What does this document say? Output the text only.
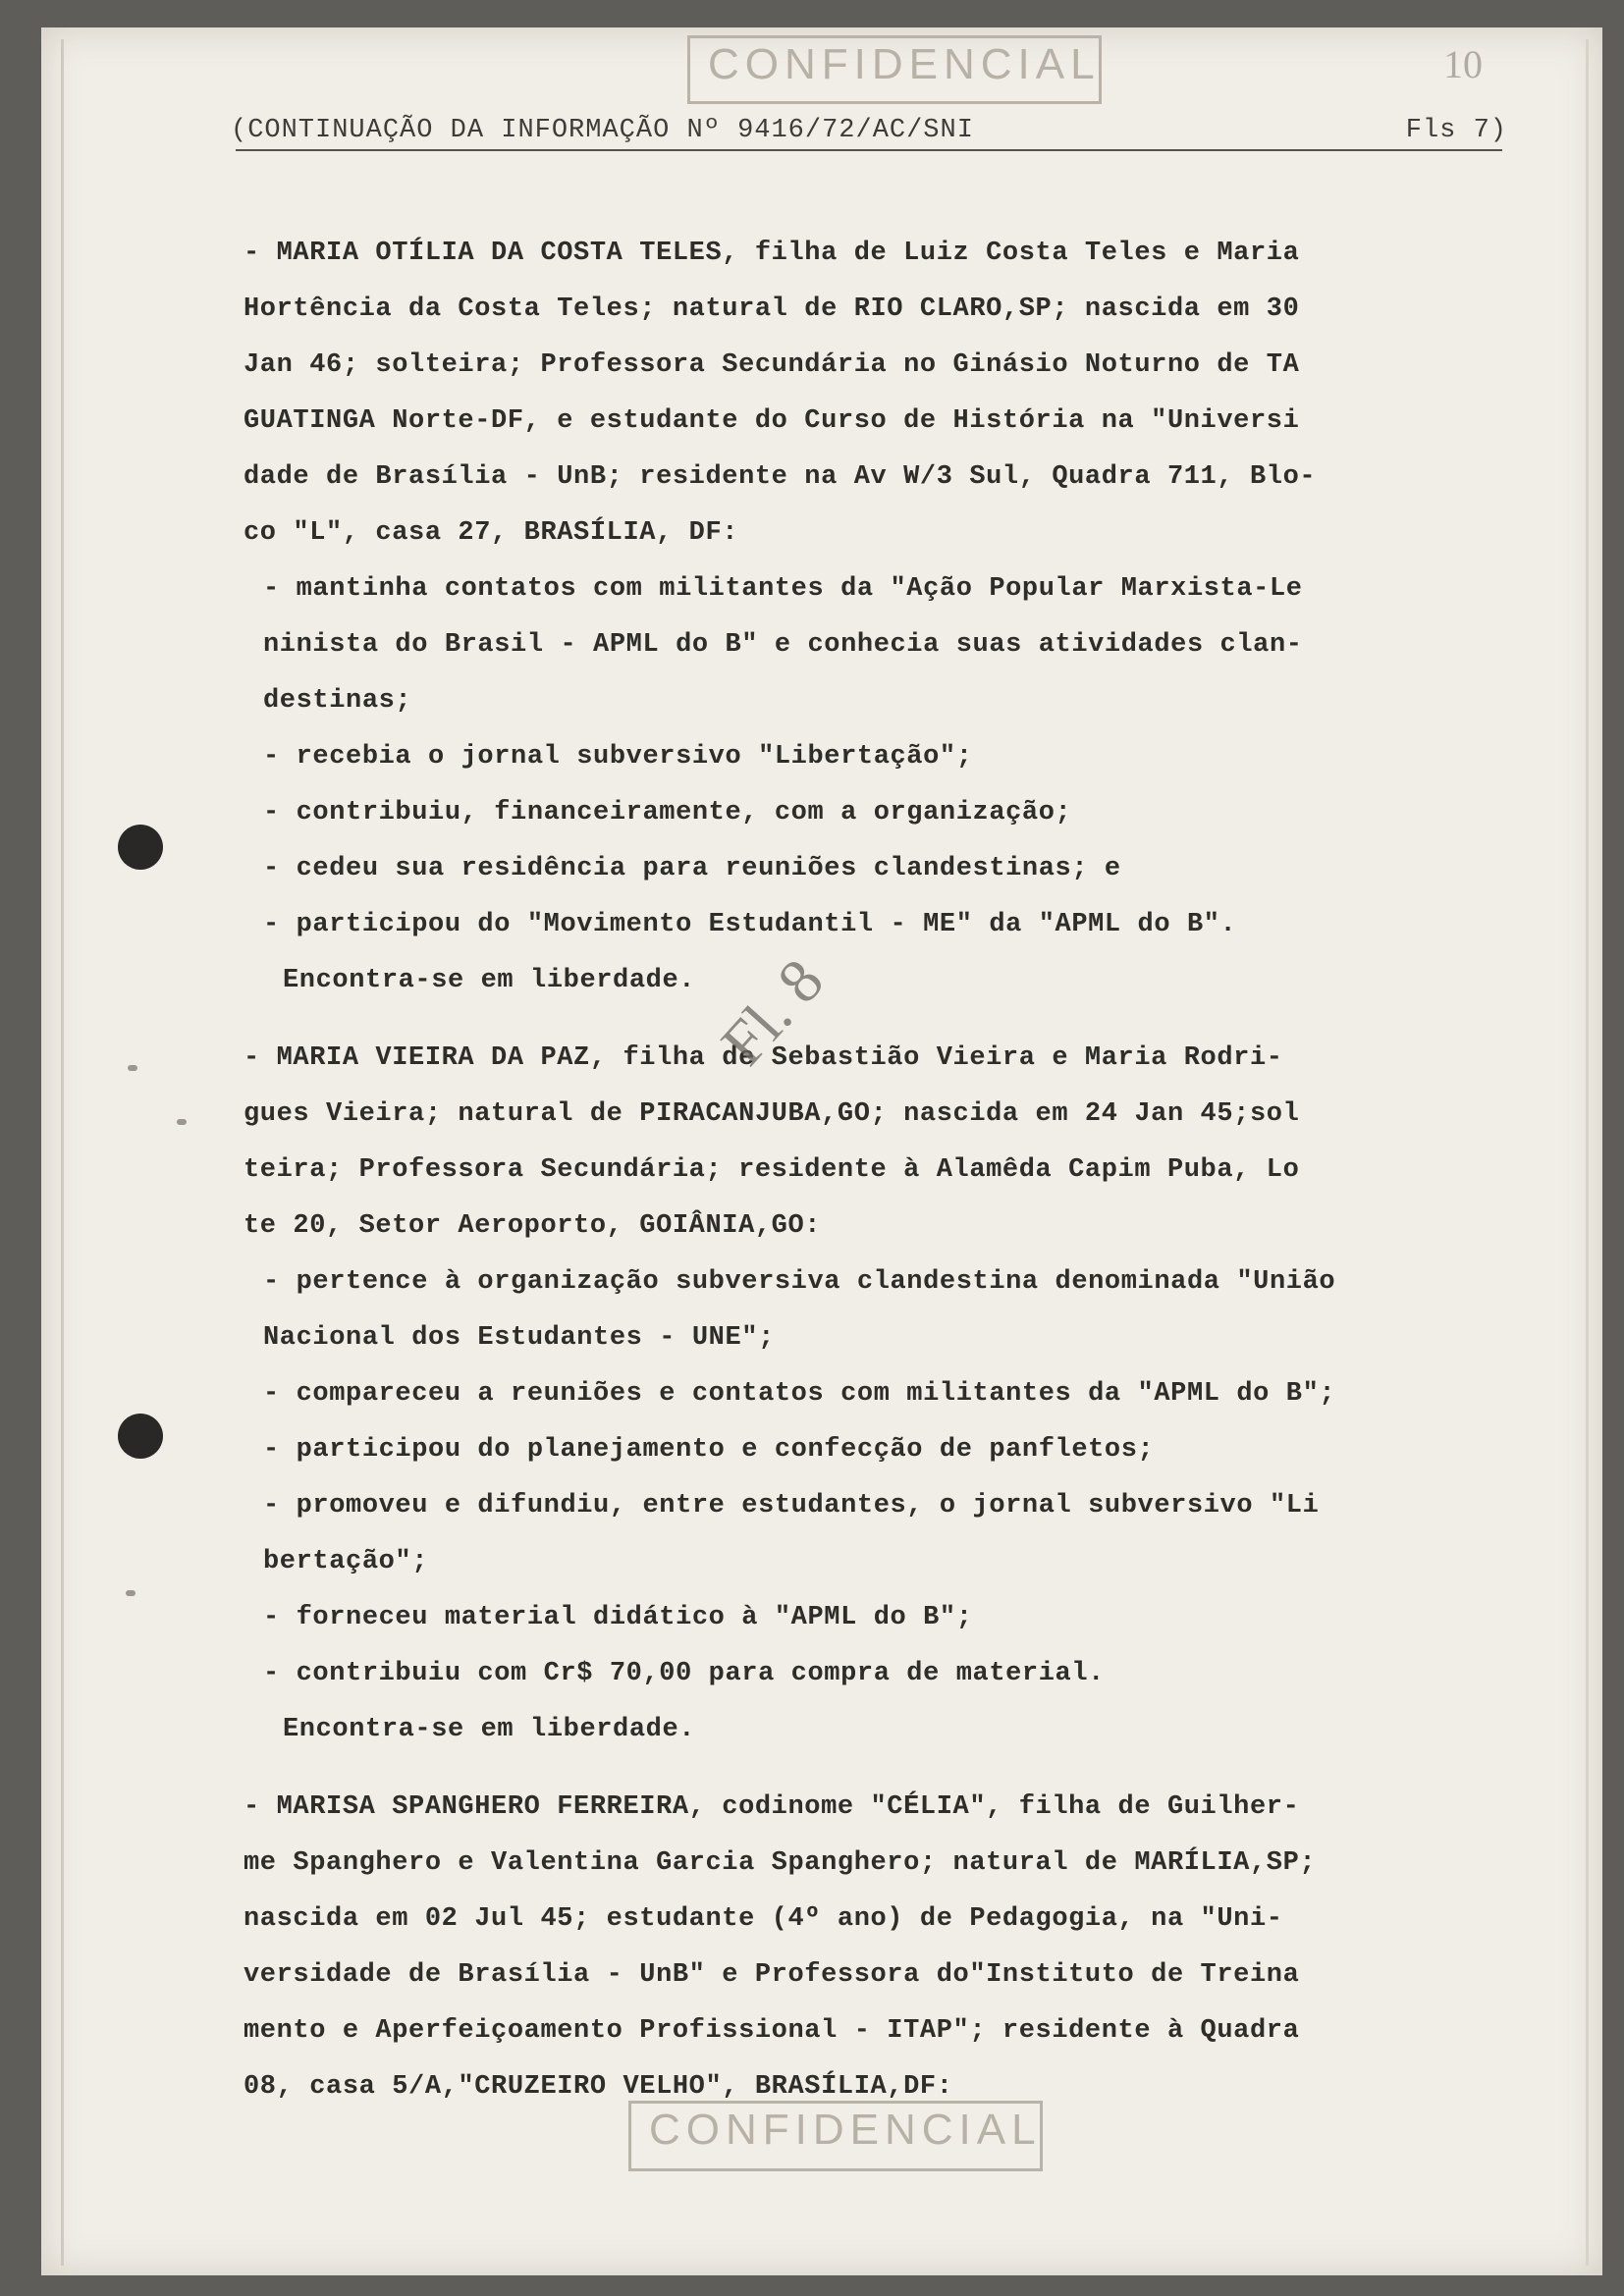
CONFIDENCIAL	10
(CONTINUAÇÃO DA INFORMAÇÃO Nº 9416/72/AC/SNI	Fls 7)
- MARIA OTÍLIA DA COSTA TELES, filha de Luiz Costa Teles e Maria
Hortência da Costa Teles; natural de RIO CLARO,SP; nascida em 30
Jan 46; solteira; Professora Secundária no Ginásio Noturno de TA
GUATINGA Norte-DF, e estudante do Curso de História na "Universi
dade de Brasília - UnB; residente na Av W/3 Sul, Quadra 711, Blo-
co "L", casa 27, BRASÍLIA, DF:
- mantinha contatos com militantes da "Ação Popular Marxista-Le
ninista do Brasil - APML do B" e conhecia suas atividades clan-
destinas;
- recebia o jornal subversivo "Libertação";
- contribuiu, financeiramente, com a organização;
- cedeu sua residência para reuniões clandestinas; e
- participou do "Movimento Estudantil - ME" da "APML do B".
Encontra-se em liberdade.
- MARIA VIEIRA DA PAZ, filha de Sebastião Vieira e Maria Rodri-
gues Vieira; natural de PIRACANJUBA,GO; nascida em 24 Jan 45;sol
teira; Professora Secundária; residente à Alamêda Capim Puba, Lo
te 20, Setor Aeroporto, GOIÂNIA,GO:
- pertence à organização subversiva clandestina denominada "União
Nacional dos Estudantes - UNE";
- compareceu a reuniões e contatos com militantes da "APML do B";
- participou do planejamento e confecção de panfletos;
- promoveu e difundiu, entre estudantes, o jornal subversivo "Li
bertação";
- forneceu material didático à "APML do B";
- contribuiu com Cr$ 70,00 para compra de material.
Encontra-se em liberdade.
- MARISA SPANGHERO FERREIRA, codinome "CÉLIA", filha de Guilher-
me Spanghero e Valentina Garcia Spanghero; natural de MARÍLIA,SP;
nascida em 02 Jul 45; estudante (4º ano) de Pedagogia, na "Uni-
versidade de Brasília - UnB" e Professora do"Instituto de Treina
mento e Aperfeiçoamento Profissional - ITAP"; residente à Quadra
08, casa 5/A,"CRUZEIRO VELHO", BRASÍLIA,DF:
Fl. 8
CONFIDENCIAL
